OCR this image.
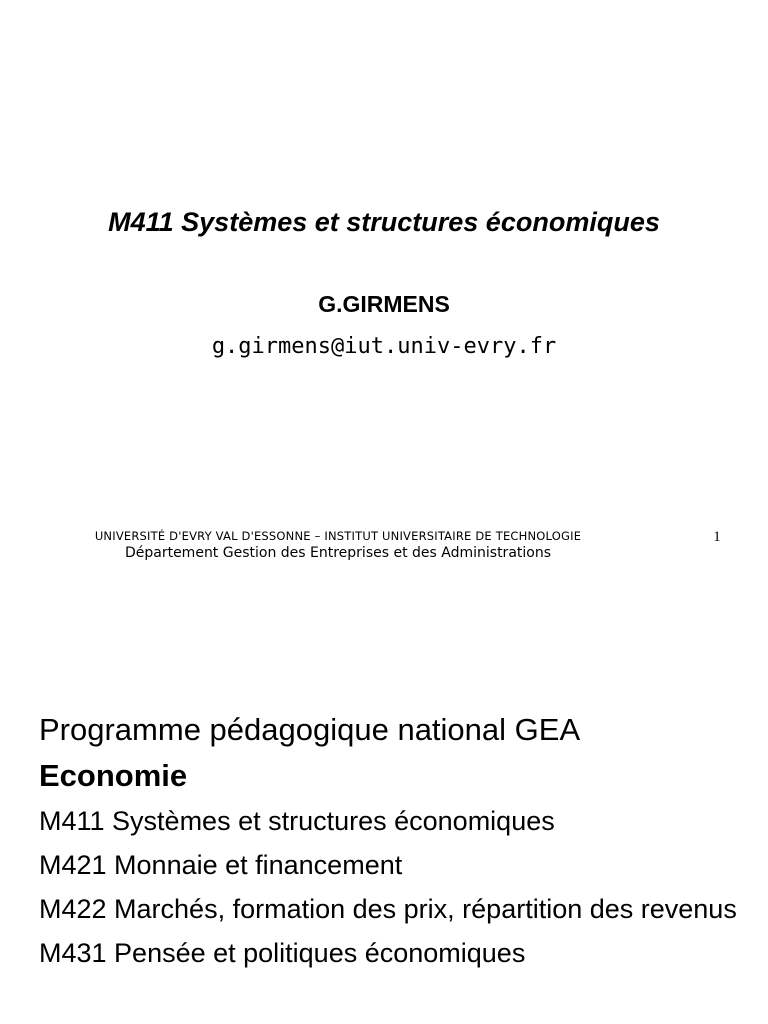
M411 Systèmes et structures économiques
G.GIRMENS
g.girmens@iut.univ-evry.fr
UNIVERSITÉ D'EVRY VAL D'ESSONNE – INSTITUT UNIVERSITAIRE DE TECHNOLOGIE
Département Gestion des Entreprises et des Administrations
1
Programme pédagogique national GEA
Economie
M411 Systèmes et structures économiques
M421 Monnaie et financement
M422 Marchés, formation des prix, répartition des revenus
M431 Pensée et politiques économiques
